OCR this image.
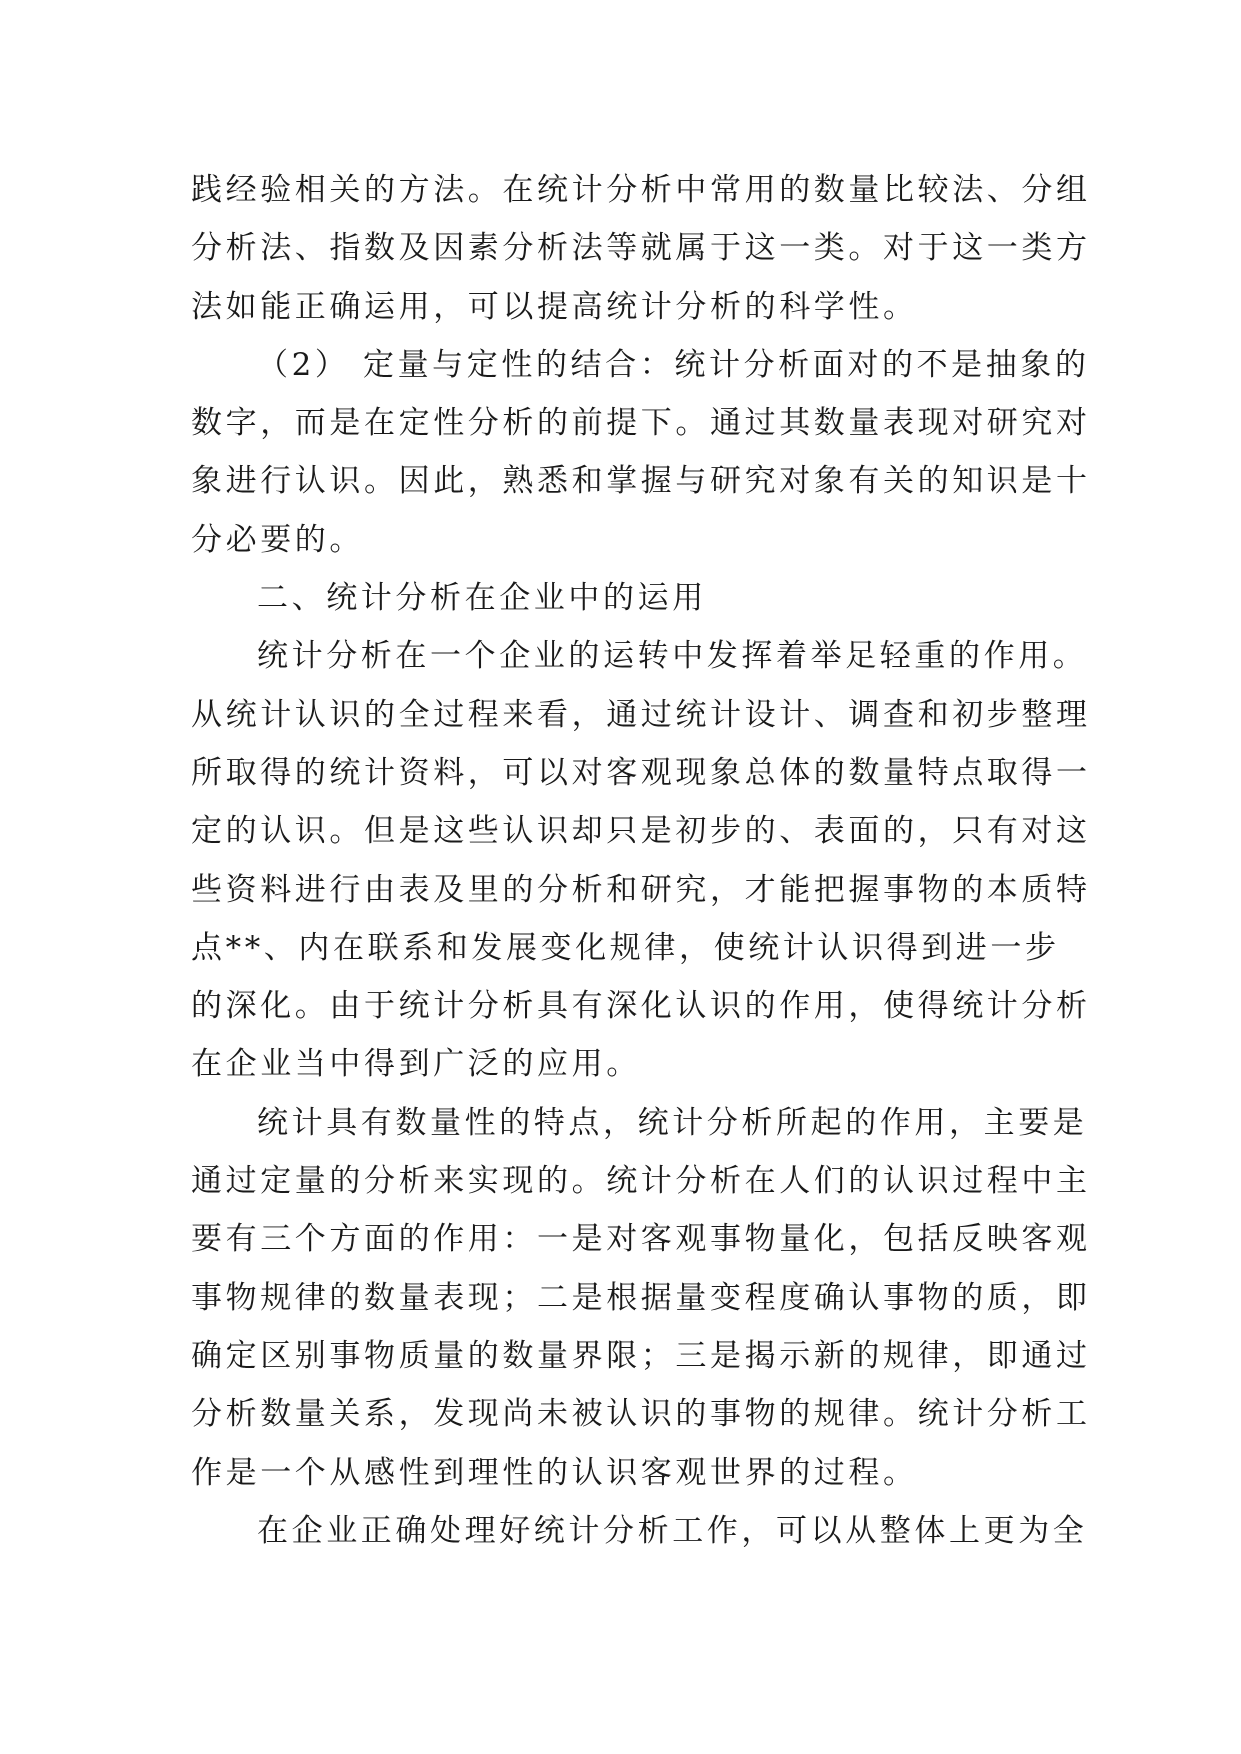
践经验相关的方法。在统计分析中常用的数量比较法、分组
分析法、指数及因素分析法等就属于这一类。对于这一类方
法如能正确运用，可以提高统计分析的科学性。
（2） 定量与定性的结合：统计分析面对的不是抽象的
数字，而是在定性分析的前提下。通过其数量表现对研究对
象进行认识。因此，熟悉和掌握与研究对象有关的知识是十
分必要的。
二、统计分析在企业中的运用
统计分析在一个企业的运转中发挥着举足轻重的作用。
从统计认识的全过程来看，通过统计设计、调查和初步整理
所取得的统计资料，可以对客观现象总体的数量特点取得一
定的认识。但是这些认识却只是初步的、表面的，只有对这
些资料进行由表及里的分析和研究，才能把握事物的本质特
点**、内在联系和发展变化规律，使统计认识得到进一步
的深化。由于统计分析具有深化认识的作用，使得统计分析
在企业当中得到广泛的应用。
统计具有数量性的特点，统计分析所起的作用，主要是
通过定量的分析来实现的。统计分析在人们的认识过程中主
要有三个方面的作用：一是对客观事物量化，包括反映客观
事物规律的数量表现；二是根据量变程度确认事物的质，即
确定区别事物质量的数量界限；三是揭示新的规律，即通过
分析数量关系，发现尚未被认识的事物的规律。统计分析工
作是一个从感性到理性的认识客观世界的过程。
在企业正确处理好统计分析工作，可以从整体上更为全
